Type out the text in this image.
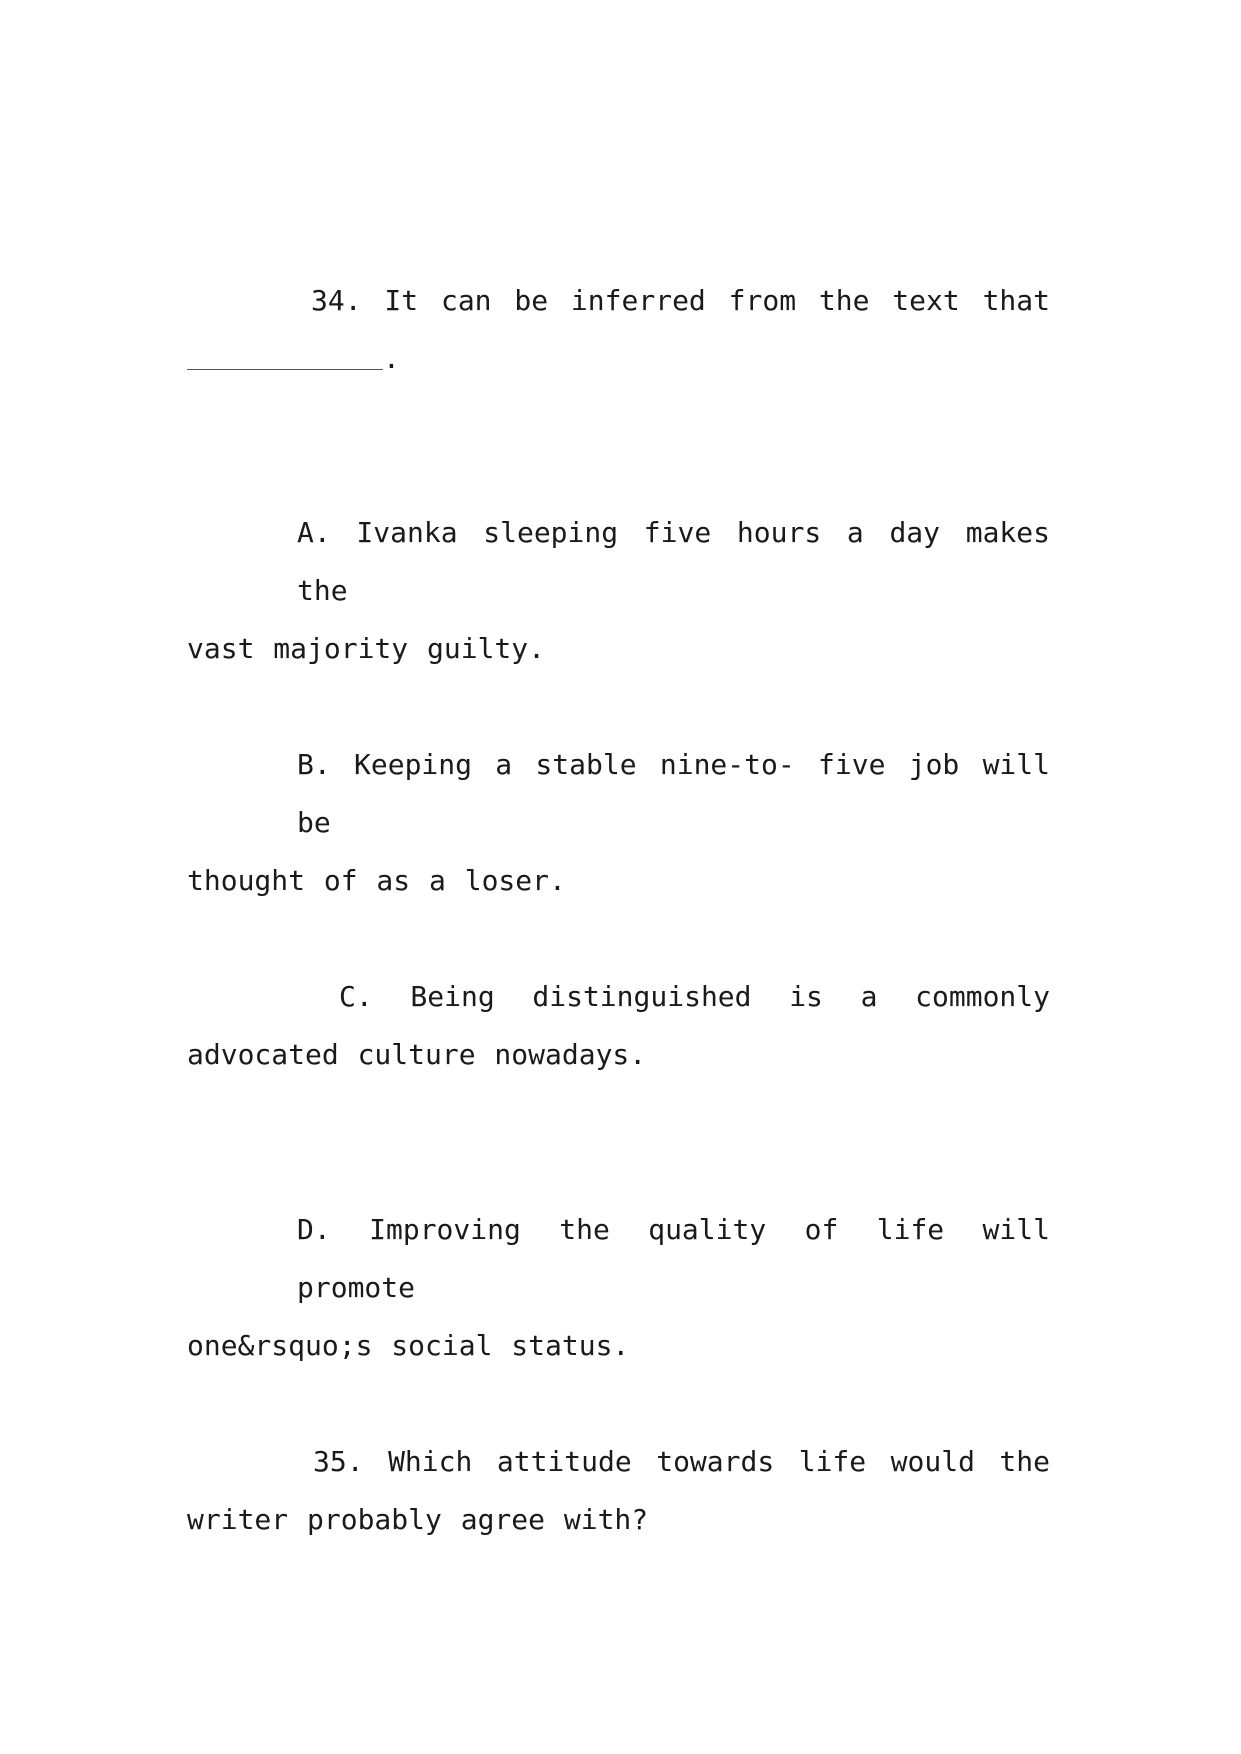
34. It can be inferred from the text that
.
A. Ivanka sleeping five hours a day makes the
vast majority guilty.
B. Keeping a stable nine-to- five job will be
thought of as a loser.
C. Being distinguished is a commonly
advocated culture nowadays.
D. Improving the quality of life will promote
one&rsquo;s social status.
35. Which attitude towards life would the
writer probably agree with?
